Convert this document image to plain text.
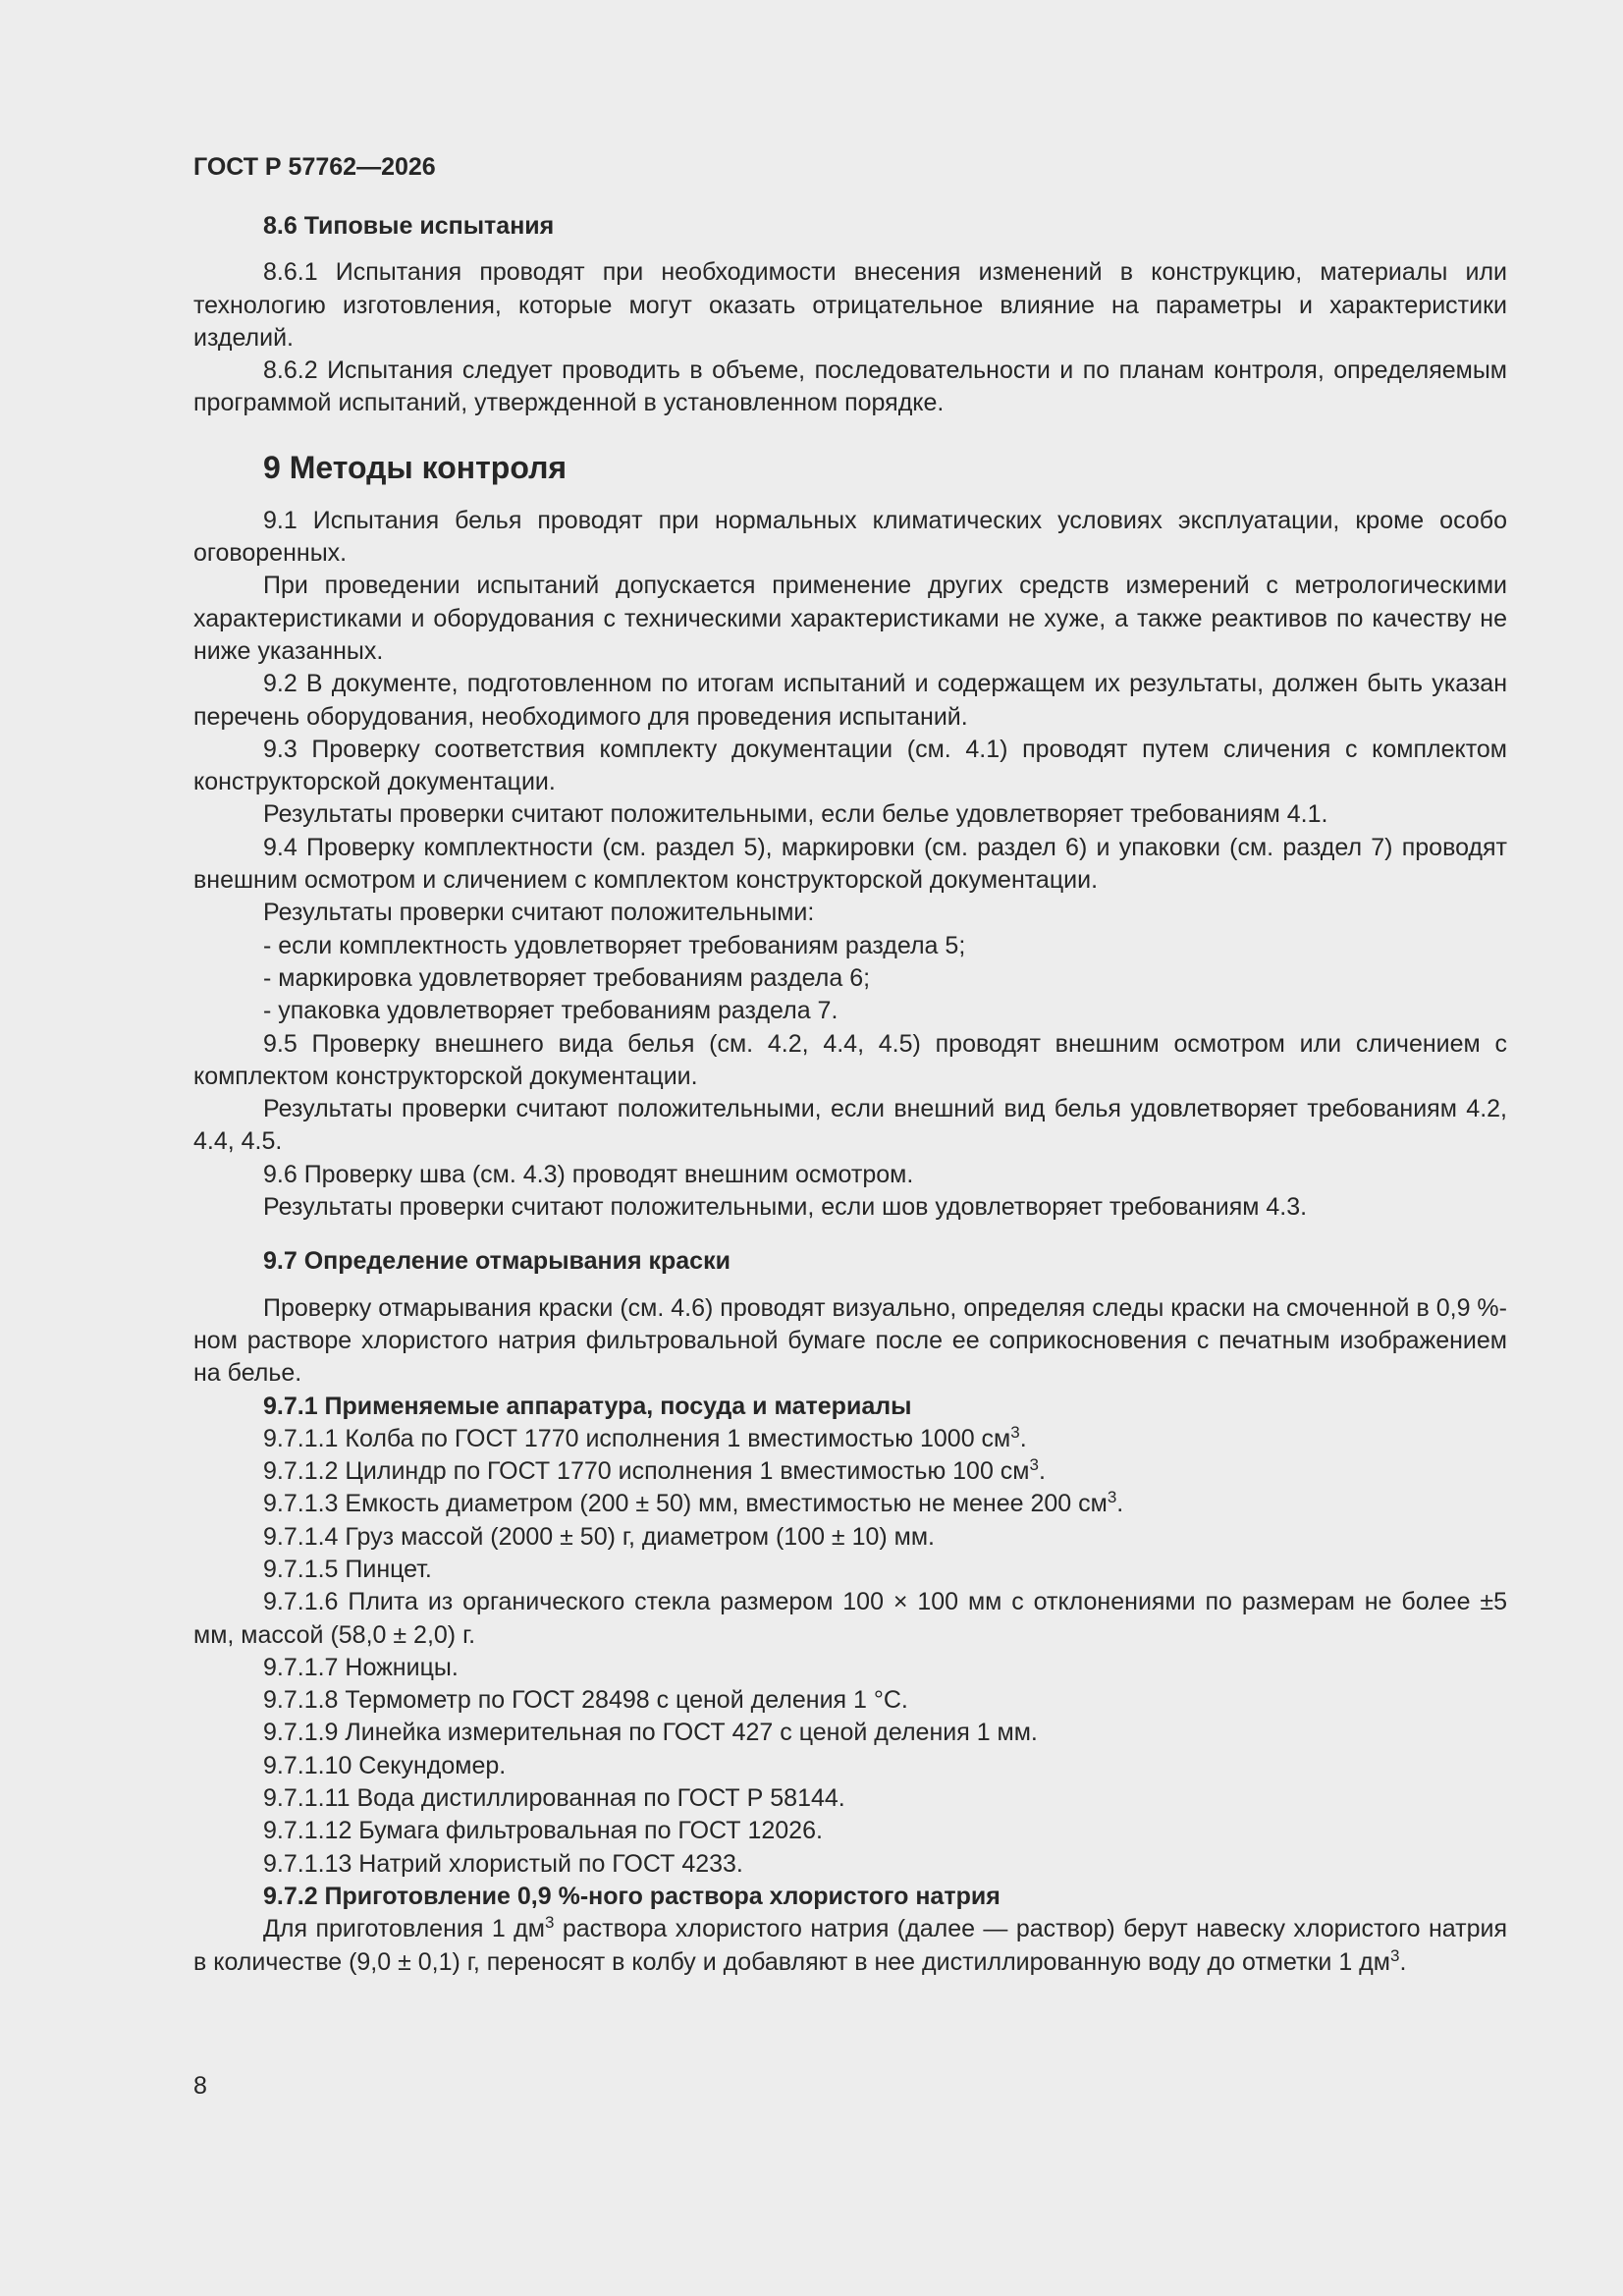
ГОСТ Р 57762—2026
8.6 Типовые испытания

8.6.1 Испытания проводят при необходимости внесения изменений в конструкцию, материалы или технологию изготовления, которые могут оказать отрицательное влияние на параметры и характеристики изделий.

8.6.2 Испытания следует проводить в объеме, последовательности и по планам контроля, определяемым программой испытаний, утвержденной в установленном порядке.

9 Методы контроля

9.1 Испытания белья проводят при нормальных климатических условиях эксплуатации, кроме особо оговоренных.

При проведении испытаний допускается применение других средств измерений с метрологическими характеристиками и оборудования с техническими характеристиками не хуже, а также реактивов по качеству не ниже указанных.

9.2 В документе, подготовленном по итогам испытаний и содержащем их результаты, должен быть указан перечень оборудования, необходимого для проведения испытаний.

9.3 Проверку соответствия комплекту документации (см. 4.1) проводят путем сличения с комплектом конструкторской документации.

Результаты проверки считают положительными, если белье удовлетворяет требованиям 4.1.

9.4 Проверку комплектности (см. раздел 5), маркировки (см. раздел 6) и упаковки (см. раздел 7) проводят внешним осмотром и сличением с комплектом конструкторской документации.

Результаты проверки считают положительными:

- если комплектность удовлетворяет требованиям раздела 5;
- маркировка удовлетворяет требованиям раздела 6;
- упаковка удовлетворяет требованиям раздела 7.

9.5 Проверку внешнего вида белья (см. 4.2, 4.4, 4.5) проводят внешним осмотром или сличением с комплектом конструкторской документации.

Результаты проверки считают положительными, если внешний вид белья удовлетворяет требованиям 4.2, 4.4, 4.5.

9.6 Проверку шва (см. 4.3) проводят внешним осмотром.

Результаты проверки считают положительными, если шов удовлетворяет требованиям 4.3.

9.7 Определение отмарывания краски

Проверку отмарывания краски (см. 4.6) проводят визуально, определяя следы краски на смоченной в 0,9 %-ном растворе хлористого натрия фильтровальной бумаге после ее соприкосновения с печатным изображением на белье.

9.7.1 Применяемые аппаратура, посуда и материалы
9.7.1.1 Колба по ГОСТ 1770 исполнения 1 вместимостью 1000 $см^3$.
9.7.1.2 Цилиндр по ГОСТ 1770 исполнения 1 вместимостью 100 $см^3$.
9.7.1.3 Емкость диаметром (200 ± 50) мм, вместимостью не менее 200 $см^3$.
9.7.1.4 Груз массой (2000 ± 50) г, диаметром (100 ± 10) мм.
9.7.1.5 Пинцет.

9.7.1.6 Плита из органического стекла размером 100 × 100 мм с отклонениями по размерам не более ±5 мм, массой (58,0 ± 2,0) г.

9.7.1.7 Ножницы.
9.7.1.8 Термометр по ГОСТ 28498 с ценой деления 1 °С.
9.7.1.9 Линейка измерительная по ГОСТ 427 с ценой деления 1 мм.
9.7.1.10 Секундомер.
9.7.1.11 Вода дистиллированная по ГОСТ Р 58144.
9.7.1.12 Бумага фильтровальная по ГОСТ 12026.
9.7.1.13 Натрий хлористый по ГОСТ 4233.
9.7.2 Приготовление 0,9 %-ного раствора хлористого натрия

Для приготовления 1 $дм^3$ раствора хлористого натрия (далее — раствор) берут навеску хлористого натрия в количестве (9,0 ± 0,1) г, переносят в колбу и добавляют в нее дистиллированную воду до отметки 1 $дм^3$.

8
